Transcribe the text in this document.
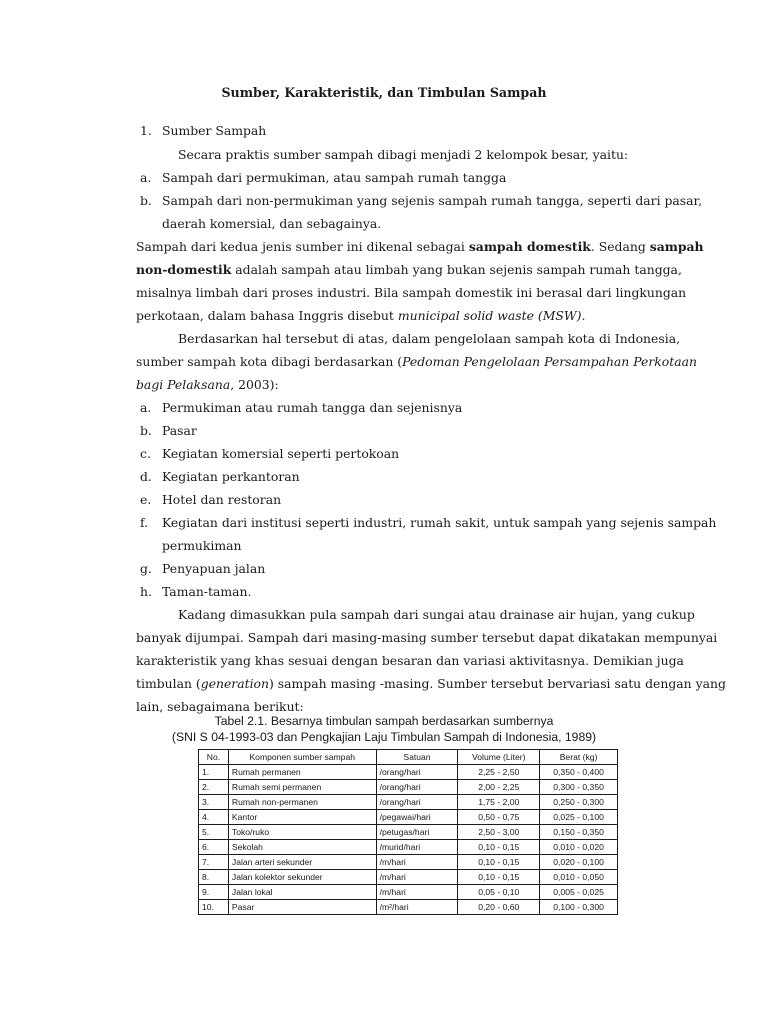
Sumber, Karakteristik, dan Timbulan Sampah
1. Sumber Sampah
Secara praktis sumber sampah dibagi menjadi 2 kelompok besar, yaitu:
a. Sampah dari permukiman, atau sampah rumah tangga
b. Sampah dari non-permukiman yang sejenis sampah rumah tangga, seperti dari pasar,
daerah komersial, dan sebagainya.
Sampah dari kedua jenis sumber ini dikenal sebagai sampah domestik. Sedang sampah
non-domestik adalah sampah atau limbah yang bukan sejenis sampah rumah tangga,
misalnya limbah dari proses industri. Bila sampah domestik ini berasal dari lingkungan
perkotaan, dalam bahasa Inggris disebut municipal solid waste (MSW).
Berdasarkan hal tersebut di atas, dalam pengelolaan sampah kota di Indonesia,
sumber sampah kota dibagi berdasarkan (Pedoman Pengelolaan Persampahan Perkotaan
bagi Pelaksana, 2003):
a. Permukiman atau rumah tangga dan sejenisnya
b. Pasar
c. Kegiatan komersial seperti pertokoan
d. Kegiatan perkantoran
e. Hotel dan restoran
f. Kegiatan dari institusi seperti industri, rumah sakit, untuk sampah yang sejenis sampah
permukiman
g. Penyapuan jalan
h. Taman-taman.
Kadang dimasukkan pula sampah dari sungai atau drainase air hujan, yang cukup
banyak dijumpai. Sampah dari masing-masing sumber tersebut dapat dikatakan mempunyai
karakteristik yang khas sesuai dengan besaran dan variasi aktivitasnya. Demikian juga
timbulan (generation) sampah masing -masing. Sumber tersebut bervariasi satu dengan yang
lain, sebagaimana berikut:
Tabel 2.1. Besarnya timbulan sampah berdasarkan sumbernya
(SNI S 04-1993-03 dan Pengkajian Laju Timbulan Sampah di Indonesia, 1989)
No.	Komponen sumber sampah	Satuan	Volume (Liter)	Berat (kg)
1.	Rumah permanen	/orang/hari	2,25 - 2,50	0,350 - 0,400
2.	Rumah semi permanen	/orang/hari	2,00 - 2,25	0,300 - 0,350
3.	Rumah non-permanen	/orang/hari	1,75 - 2,00	0,250 - 0,300
4.	Kantor	/pegawai/hari	0,50 - 0,75	0,025 - 0,100
5.	Toko/ruko	/petugas/hari	2,50 - 3,00	0,150 - 0,350
6.	Sekolah	/murid/hari	0,10 - 0,15	0,010 - 0,020
7.	Jalan arteri sekunder	/m/hari	0,10 - 0,15	0,020 - 0,100
8.	Jalan kolektor sekunder	/m/hari	0,10 - 0,15	0,010 - 0,050
9.	Jalan lokal	/m/hari	0,05 - 0,10	0,005 - 0,025
10.	Pasar	/m²/hari	0,20 - 0,60	0,100 - 0,300
